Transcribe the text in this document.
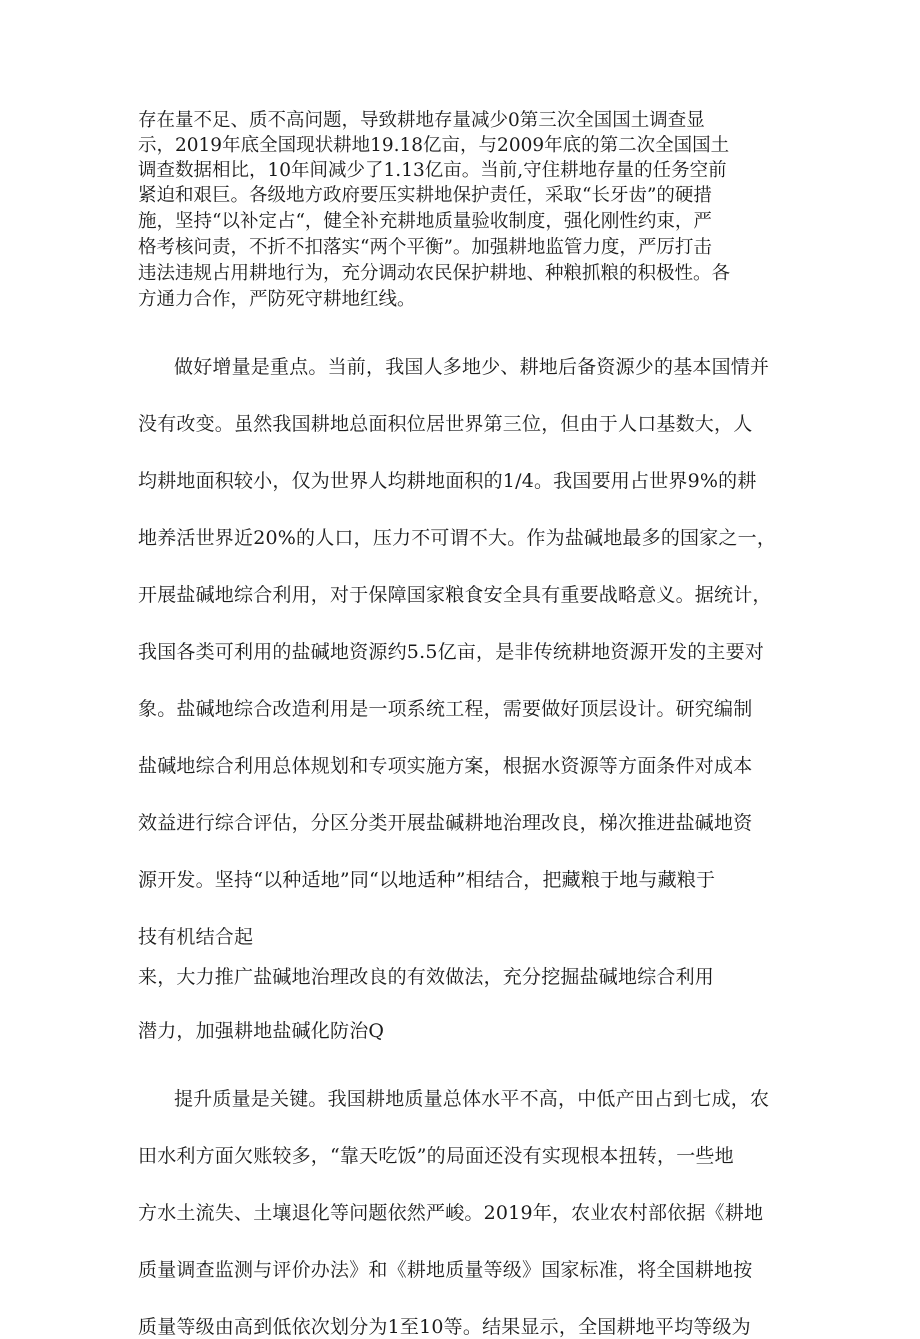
存在量不足、质不高问题，导致耕地存量减少0第三次全国国土调查显
示，2019年底全国现状耕地19.18亿亩，与2009年底的第二次全国国土
调查数据相比，10年间减少了1.13亿亩。当前,守住耕地存量的任务空前
紧迫和艰巨。各级地方政府要压实耕地保护责任，采取“长牙齿”的硬措
施，坚持“以补定占“，健全补充耕地质量验收制度，强化刚性约束，严
格考核问责，不折不扣落实“两个平衡”。加强耕地监管力度，严厉打击
违法违规占用耕地行为，充分调动农民保护耕地、种粮抓粮的积极性。各
方通力合作，严防死守耕地红线。
做好增量是重点。当前，我国人多地少、耕地后备资源少的基本国情并
没有改变。虽然我国耕地总面积位居世界第三位，但由于人口基数大，人
均耕地面积较小，仅为世界人均耕地面积的1/4。我国要用占世界9%的耕
地养活世界近20%的人口，压力不可谓不大。作为盐碱地最多的国家之一，
开展盐碱地综合利用，对于保障国家粮食安全具有重要战略意义。据统计，
我国各类可利用的盐碱地资源约5.5亿亩，是非传统耕地资源开发的主要对
象。盐碱地综合改造利用是一项系统工程，需要做好顶层设计。研究编制
盐碱地综合利用总体规划和专项实施方案，根据水资源等方面条件对成本
效益进行综合评估，分区分类开展盐碱耕地治理改良，梯次推进盐碱地资
源开发。坚持“以种适地”同“以地适种”相结合，把藏粮于地与藏粮于
技有机结合起
来，大力推广盐碱地治理改良的有效做法，充分挖掘盐碱地综合利用
潜力，加强耕地盐碱化防治Q
提升质量是关键。我国耕地质量总体水平不高，中低产田占到七成，农
田水利方面欠账较多，“靠天吃饭”的局面还没有实现根本扭转，一些地
方水土流失、土壤退化等问题依然严峻。2019年，农业农村部依据《耕地
质量调查监测与评价办法》和《耕地质量等级》国家标准，将全国耕地按
质量等级由高到低依次划分为1至10等。结果显示，全国耕地平均等级为
